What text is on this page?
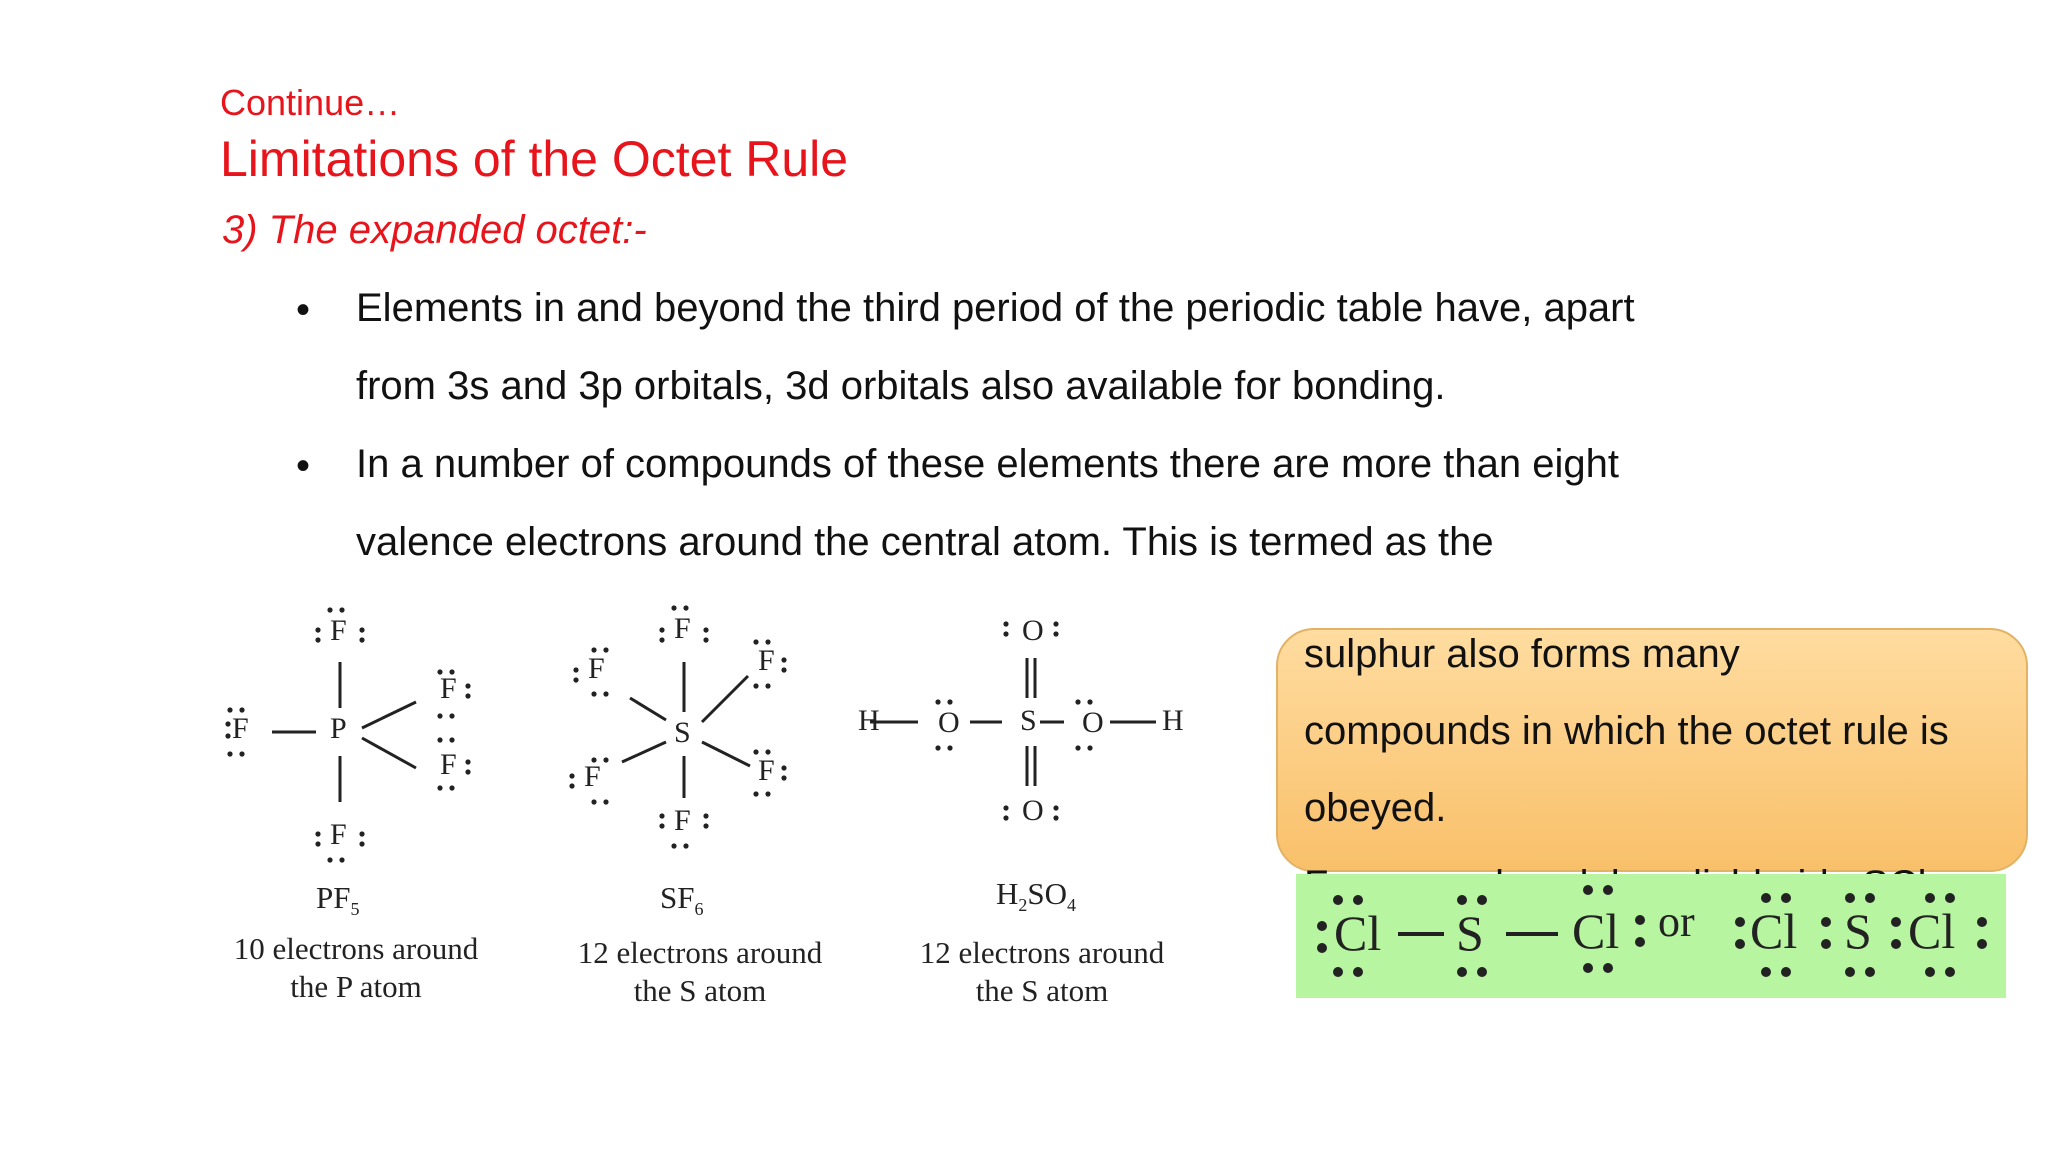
Continue…
Limitations of the Octet Rule
3) The expanded octet:-
• Elements in and beyond the third period of the periodic table have, apart
from 3s and 3p orbitals, 3d orbitals also available for bonding.
• In a number of compounds of these elements there are more than eight
valence electrons around the central atom. This is termed as the
F
F	P
F
F
F
F
F	F
S
F	F
F
O
H O S O H
O
$PF_5$	$SF_6$	$H_2SO_4$
10 electrons around
the P atom
12 electrons around
the S atom
12 electrons around
the S atom
sulphur also forms many
compounds in which the octet rule is
obeyed.

Cl S Cl or Cl S Cl
